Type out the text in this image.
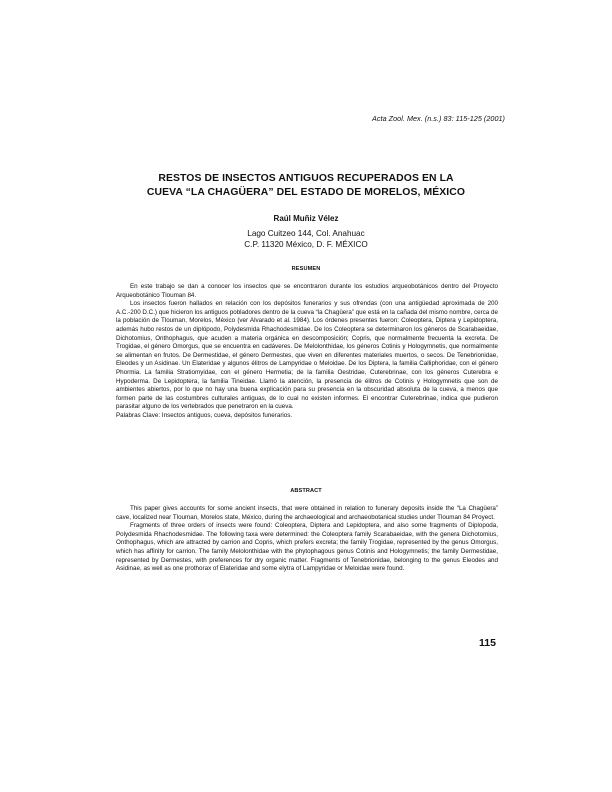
Acta Zool. Mex. (n.s.) 83: 115-125 (2001)
RESTOS DE INSECTOS ANTIGUOS RECUPERADOS EN LA
CUEVA “LA CHAGÜERA” DEL ESTADO DE MORELOS, MÉXICO
Raúl Muñiz Vélez
Lago Cuitzeo 144, Col. Anahuac
C.P. 11320 México, D. F. MÉXICO
RESUMEN

En este trabajo se dan a conocer los insectos que se encontraron durante los estudios arqueobotánicos dentro del Proyecto Arqueobotánico Tlouman 84.

Los insectos fueron hallados en relación con los depósitos funerarios y sus ofrendas (con una antigüedad aproximada de 200 A.C.-200 D.C.) que hicieron los antiguos pobladores dentro de la cueva “la Chagüera” que está en la cañada del mismo nombre, cerca de la población de Tlouman, Morelos, México (ver Alvarado et al. 1984). Los órdenes presentes fueron: Coleoptera, Diptera y Lepidoptera, además hubo restos de un diplópodo, Polydesmida Rhachodesmidae. De los Coleoptera se determinaron los géneros de Scarabaeidae, Dichotomius, Onthophagus, que acuden a materia orgánica en descomposición; Copris, que normalmente frecuenta la excreta. De Trogidae, el género Omorgus, que se encuentra en cadáveres. De Melolonthidae, los géneros Cotinis y Hologymnetis, que normalmente se alimentan en frutos. De Dermestidae, el género Dermestes, que viven en diferentes materiales muertos, o secos. De Tenebrionidae, Eleodes y un Asidinae. Un Elateridae y algunos élitros de Lampyridae o Meloidae. De los Diptera, la familia Calliphoridae, con el género Phormia. La familia Stratiomyidae, con el género Hermetia; de la familia Oestridae, Cuterebrinae, con los géneros Cuterebra e Hypoderma. De Lepidoptera, la familia Tineidae. Llamó la atención, la presencia de élitros de Cotinis y Hologymnetis que son de ambientes abiertos, por lo que no hay una buena explicación para su presencia en la obscuridad absoluta de la cueva, a menos que formen parte de las costumbres culturales antiguas, de lo cual no existen informes. El encontrar Cuterebrinae, indica que pudieron parasitar alguno de los vertebrados que penetraron en la cueva.

Palabras Clave: Insectos antiguos, cueva, depósitos funerarios.

ABSTRACT

This paper gives accounts for some ancient insects, that were obtained in relation to funerary deposits inside the “La Chagüera” cave, localized near Tlouman, Morelos state, México, during the archaeological and archaeobotanical studies under Tlouman 84 Proyect.

Fragments of three orders of insects were found: Coleoptera, Diptera and Lepidoptera, and also some fragments of Diplopoda, Polydesmida Rhachodesmidae. The following taxa were determined: the Coleoptera family Scarabaeidae, with the genera Dichotomius, Onthophagus, which are attracted by carrion and Copris, which prefers excreta; the family Trogidae, represented by the genus Omorgus, which has affinity for carrion. The family Melolonthidae with the phytophagous genus Cotinis and Hologymnetis; the family Dermestidae, represented by Dermestes, with preferences for dry organic matter. Fragments of Tenebrionidae, belonging to the genus Eleodes and Asidinae, as well as one prothorax of Elateridae and some elytra of Lampyridae or Meloidae were found.

115
